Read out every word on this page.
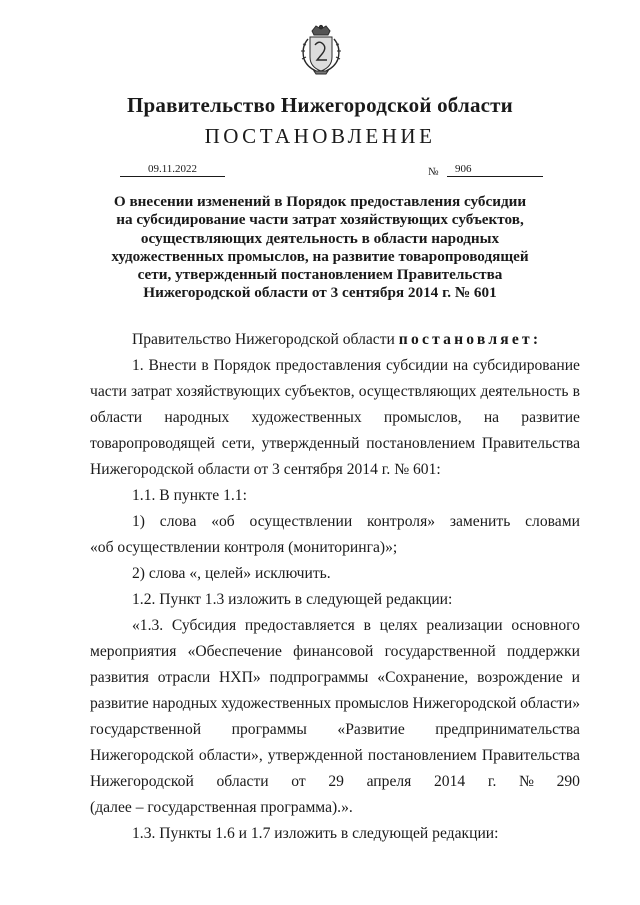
Правительство Нижегородской области
ПОСТАНОВЛЕНИЕ
09.11.2022	№	906
О внесении изменений в Порядок предоставления субсидии
на субсидирование части затрат хозяйствующих субъектов,
осуществляющих деятельность в области народных
художественных промыслов, на развитие товаропроводящей
сети, утвержденный постановлением Правительства
Нижегородской области от 3 сентября 2014 г. № 601
Правительство Нижегородской области постановляет:
1. Внести в Порядок предоставления субсидии на субсидирование
части затрат хозяйствующих субъектов, осуществляющих деятельность в
области народных художественных промыслов, на развитие
товаропроводящей сети, утвержденный постановлением Правительства
Нижегородской области от 3 сентября 2014 г. № 601:
1.1. В пункте 1.1:
1) слова «об осуществлении контроля» заменить словами
«об осуществлении контроля (мониторинга)»;
2) слова «, целей» исключить.
1.2. Пункт 1.3 изложить в следующей редакции:
«1.3. Субсидия предоставляется в целях реализации основного
мероприятия «Обеспечение финансовой государственной поддержки
развития отрасли НХП» подпрограммы «Сохранение, возрождение и
развитие народных художественных промыслов Нижегородской области»
государственной программы «Развитие предпринимательства
Нижегородской области», утвержденной постановлением Правительства
Нижегородской области от 29 апреля 2014 г. № 290
(далее – государственная программа).».
1.3. Пункты 1.6 и 1.7 изложить в следующей редакции:
